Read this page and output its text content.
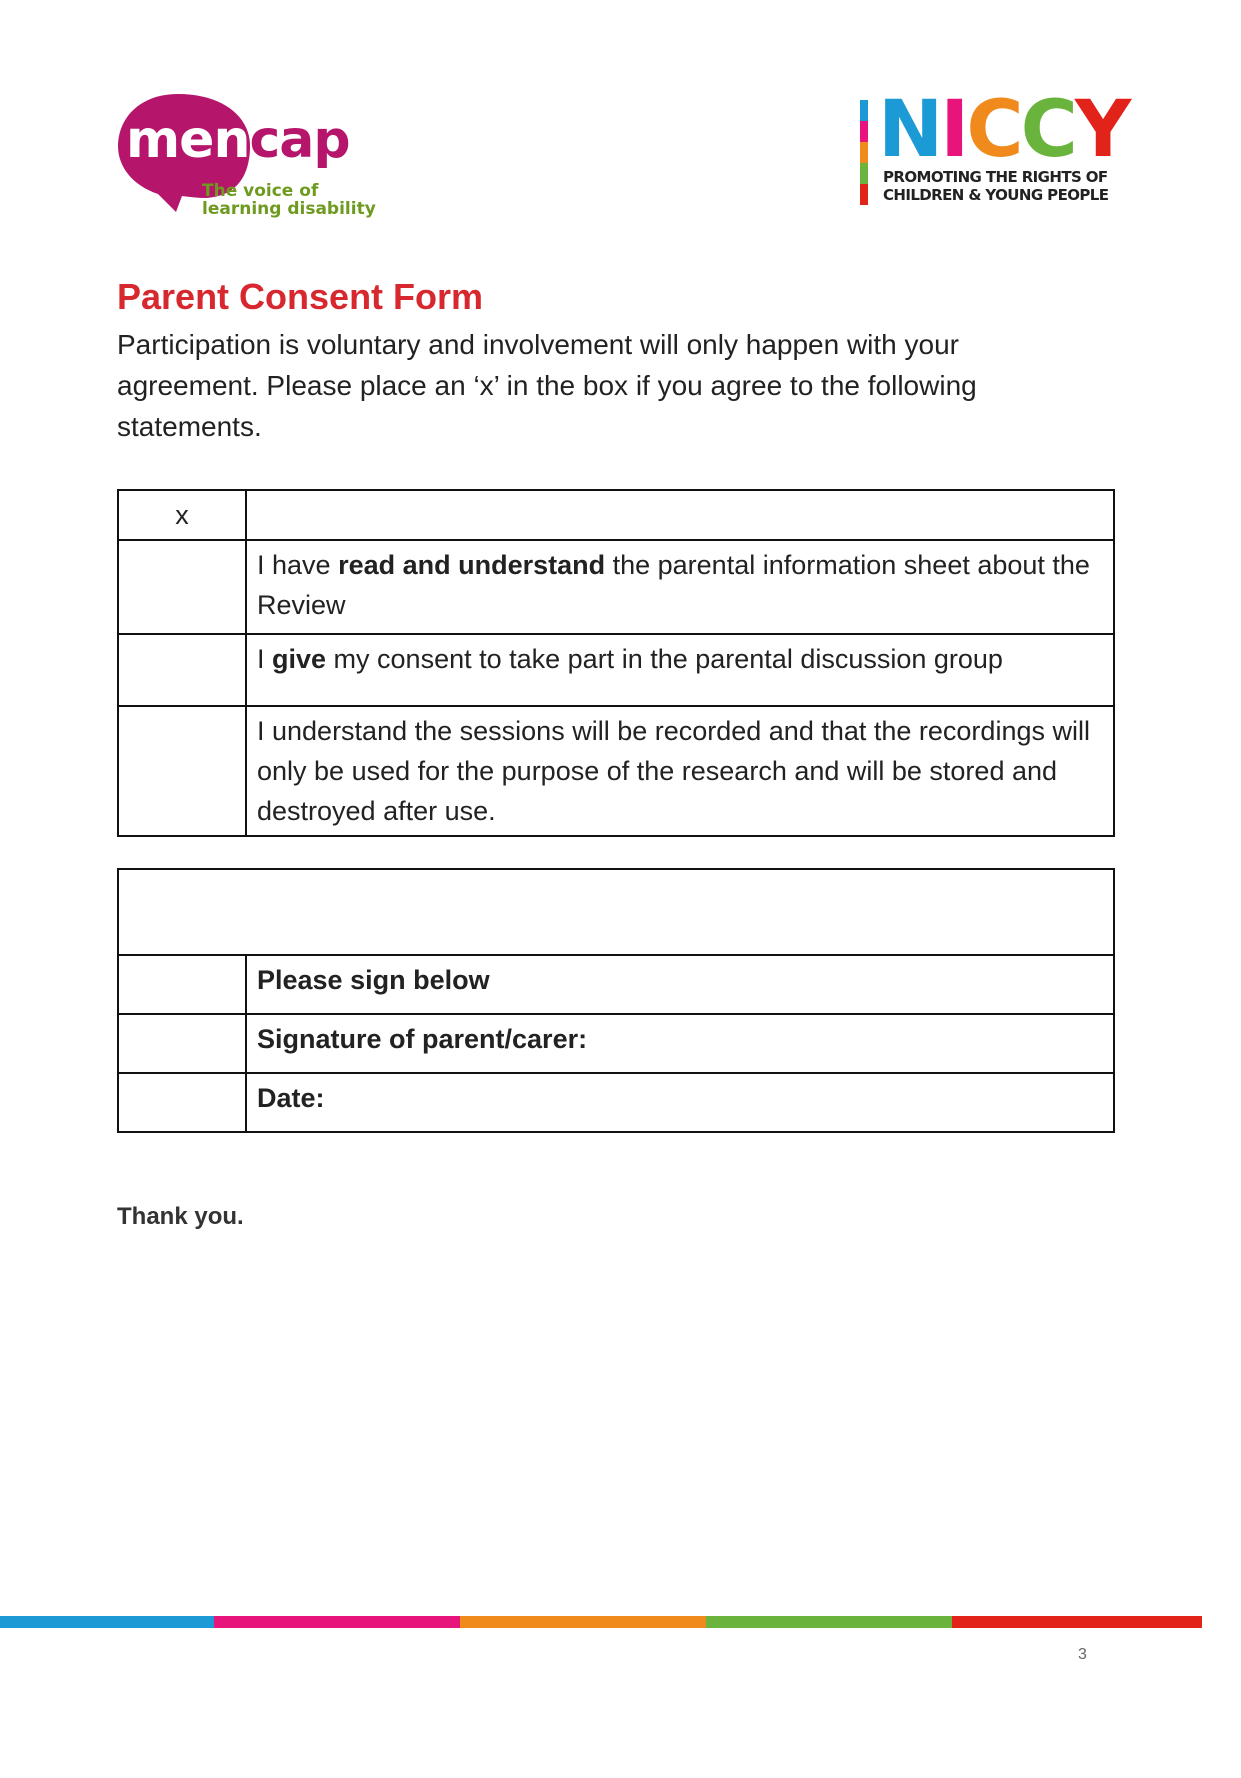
mencap
The voice of
learning disability
NICCY
PROMOTING THE RIGHTS OF
CHILDREN & YOUNG PEOPLE
Parent Consent Form
Participation is voluntary and involvement will only happen with your agreement. Please place an ‘x’ in the box if you agree to the following statements.
x	
	I have read and understand the parental information sheet about the Review
	I give my consent to take part in the parental discussion group
	I understand the sessions will be recorded and that the recordings will only be used for the purpose of the research and will be stored and destroyed after use.

	Please sign below
	Signature of parent/carer:
	Date:
Thank you.
3
